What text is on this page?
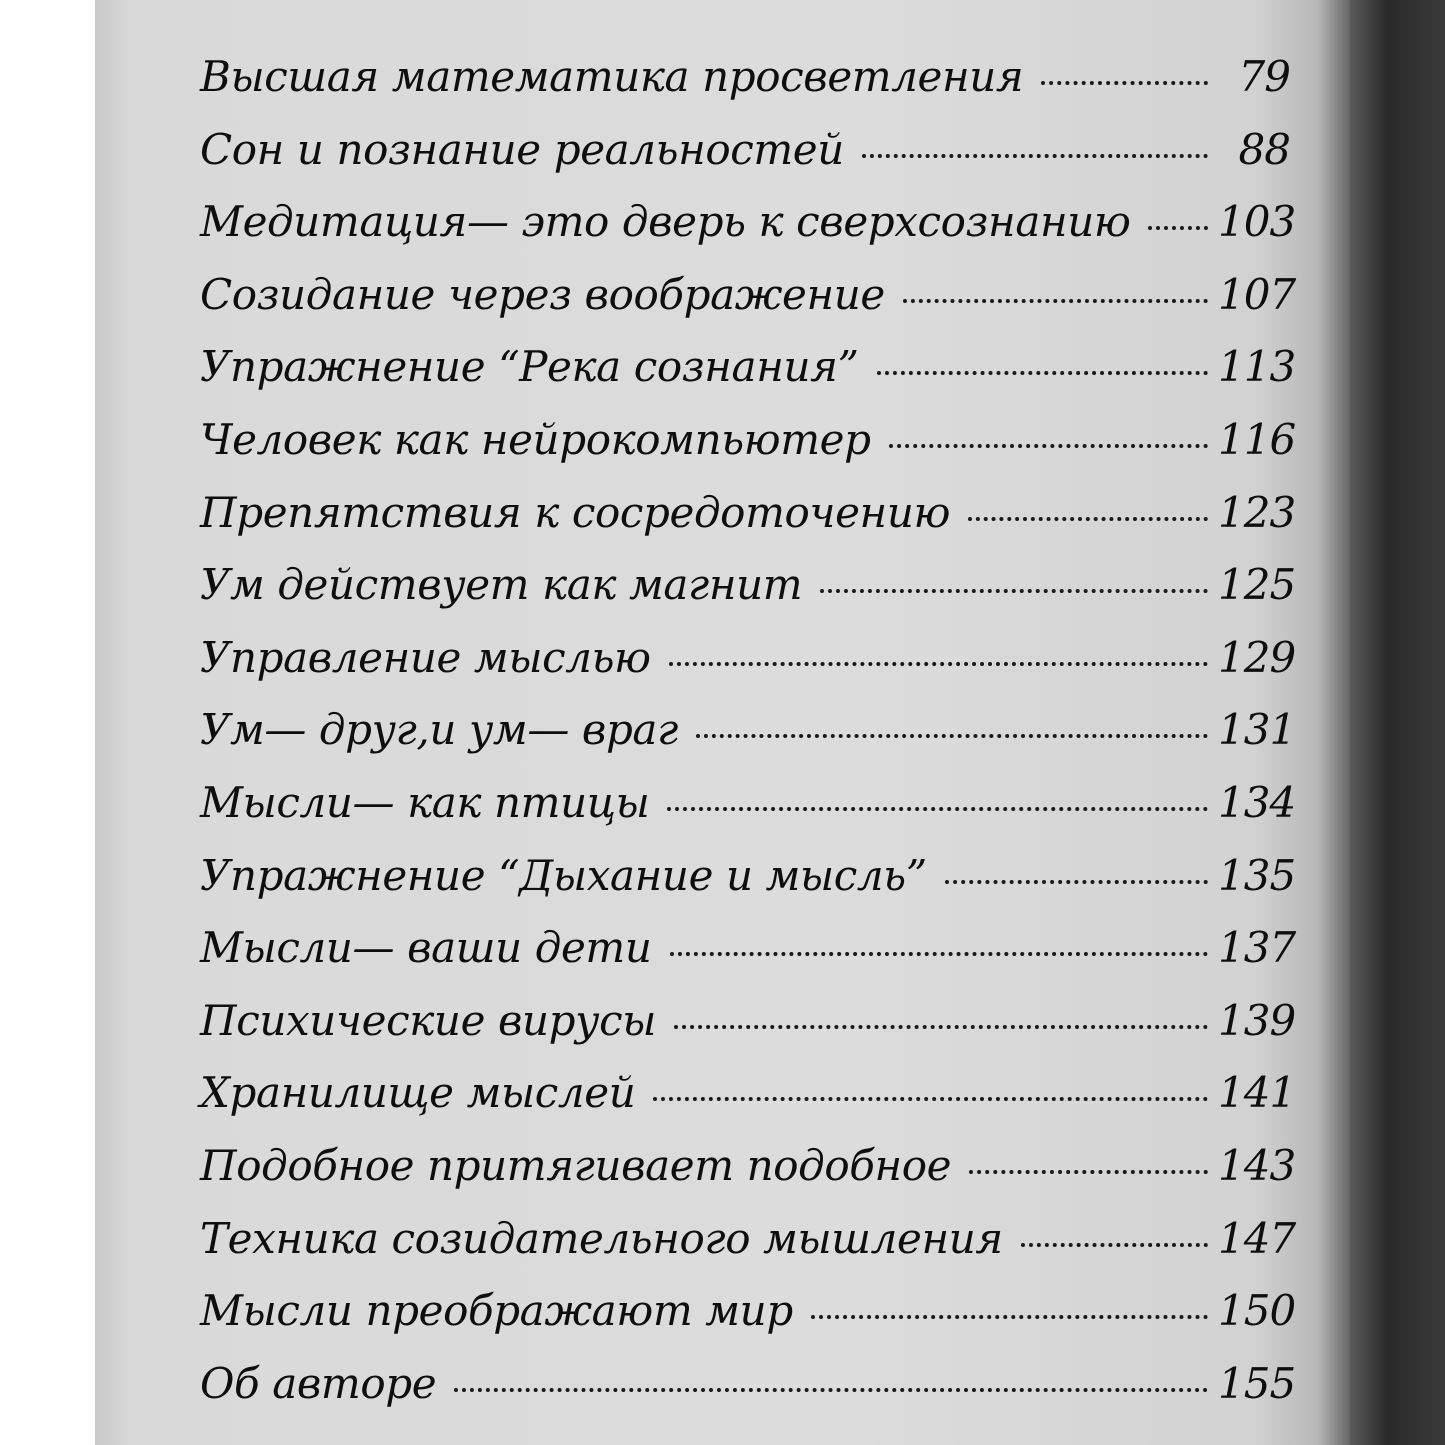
Высшая математика просветления	79
Сон и познание реальностей	88
Медитация— это дверь к сверхсознанию 103
Созидание через воображение	107
Упражнение “Река сознания”	113
Человек как нейрокомпьютер	116
Препятствия к сосредоточению	123
Ум действует как магнит	125
Управление мыслью	129
Ум— друг,и ум— враг	131
Мысли— как птицы	134
Упражнение “Дыхание и мысль”	135
Мысли— ваши дети	137
Психические вирусы	139
Хранилище мыслей	141
Подобное притягивает подобное	143
Техника созидательного мышления	147
Мысли преображают мир	150
Об авторе	155
